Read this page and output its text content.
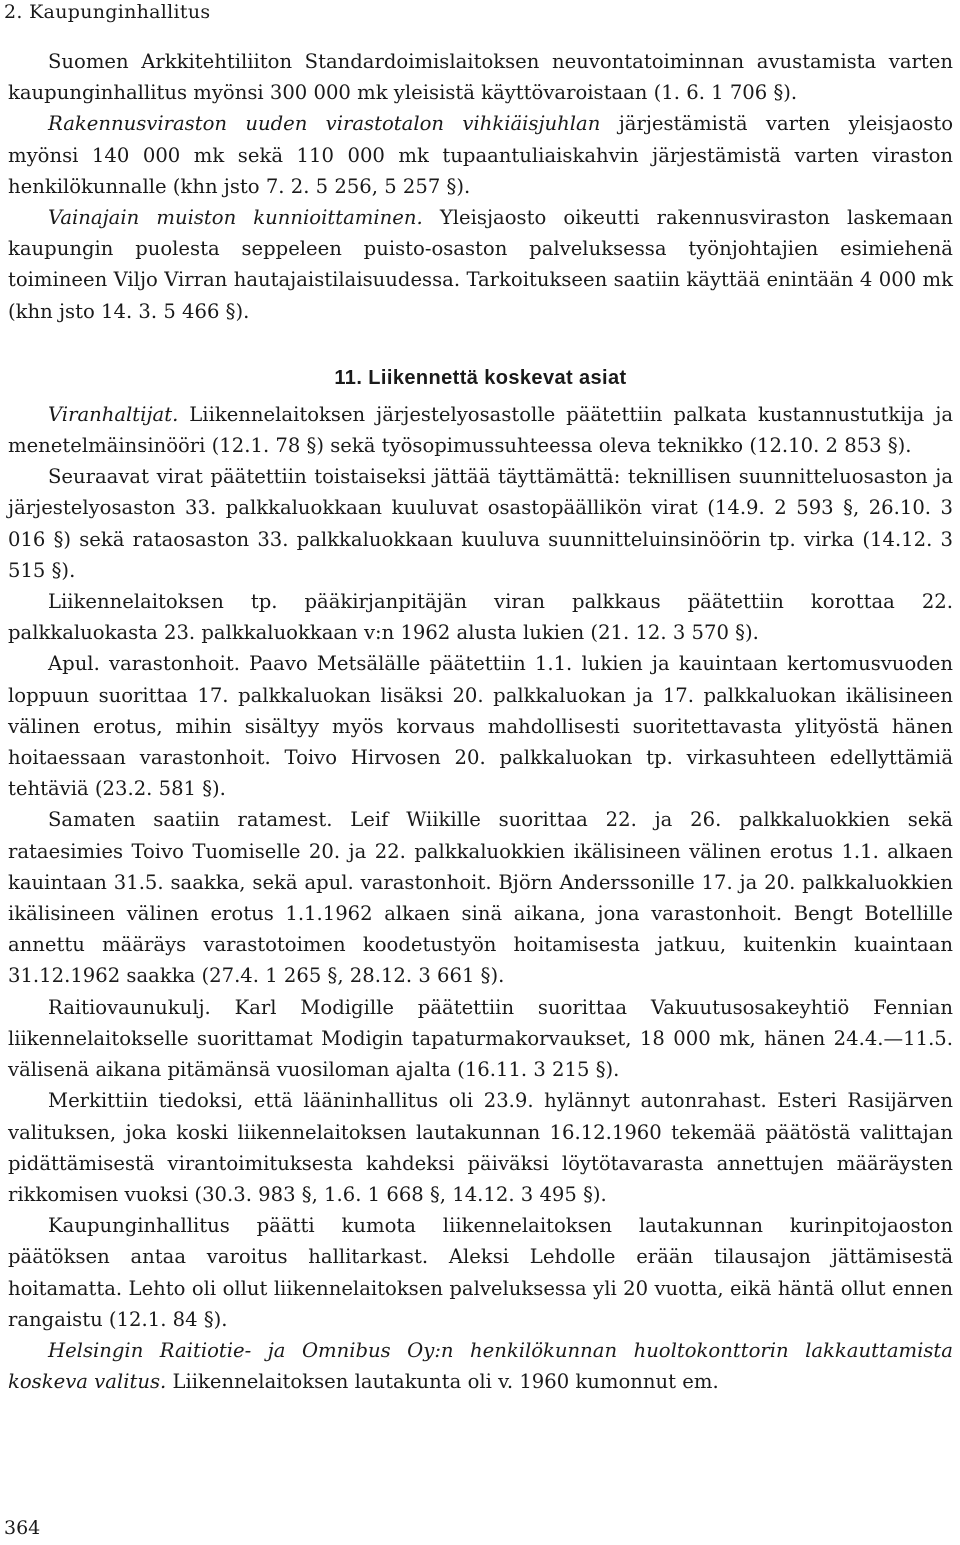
2. Kaupunginhallitus

Suomen Arkkitehtiliiton Standardoimislaitoksen neuvontatoiminnan avustamista varten kaupunginhallitus myönsi 300 000 mk yleisistä käyttövaroistaan (1. 6. 1 706 §).

Rakennusviraston uuden virastotalon vihkiäisjuhlan järjestämistä varten yleisjaosto myönsi 140 000 mk sekä 110 000 mk tupaantuliaiskahvin järjestämistä varten viraston henkilökunnalle (khn jsto 7. 2. 5 256, 5 257 §).

Vainajain muiston kunnioittaminen. Yleisjaosto oikeutti rakennusviraston laskemaan kaupungin puolesta seppeleen puisto-osaston palveluksessa työnjohtajien esimiehenä toimineen Viljo Virran hautajaistilaisuudessa. Tarkoitukseen saatiin käyttää enintään 4 000 mk (khn jsto 14. 3. 5 466 §).

11. Liikennettä koskevat asiat

Viranhaltijat. Liikennelaitoksen järjestelyosastolle päätettiin palkata kustannustutkija ja menetelmäinsinööri (12.1. 78 §) sekä työsopimussuhteessa oleva teknikko (12.10. 2 853 §).

Seuraavat virat päätettiin toistaiseksi jättää täyttämättä: teknillisen suunnitteluosaston ja järjestelyosaston 33. palkkaluokkaan kuuluvat osastopäällikön virat (14.9. 2 593 §, 26.10. 3 016 §) sekä rataosaston 33. palkkaluokkaan kuuluva suunnitteluinsinöörin tp. virka (14.12. 3 515 §).

Liikennelaitoksen tp. pääkirjanpitäjän viran palkkaus päätettiin korottaa 22. palkkaluokasta 23. palkkaluokkaan v:n 1962 alusta lukien (21. 12. 3 570 §).

Apul. varastonhoit. Paavo Metsälälle päätettiin 1.1. lukien ja kauintaan kertomusvuoden loppuun suorittaa 17. palkkaluokan lisäksi 20. palkkaluokan ja 17. palkkaluokan ikälisineen välinen erotus, mihin sisältyy myös korvaus mahdollisesti suoritettavasta ylityöstä hänen hoitaessaan varastonhoit. Toivo Hirvosen 20. palkkaluokan tp. virkasuhteen edellyttämiä tehtäviä (23.2. 581 §).

Samaten saatiin ratamest. Leif Wiikille suorittaa 22. ja 26. palkkaluokkien sekä rataesimies Toivo Tuomiselle 20. ja 22. palkkaluokkien ikälisineen välinen erotus 1.1. alkaen kauintaan 31.5. saakka, sekä apul. varastonhoit. Björn Anderssonille 17. ja 20. palkkaluokkien ikälisineen välinen erotus 1.1.1962 alkaen sinä aikana, jona varastonhoit. Bengt Botellille annettu määräys varastotoimen koodetustyön hoitamisesta jatkuu, kuitenkin kuaintaan 31.12.1962 saakka (27.4. 1 265 §, 28.12. 3 661 §).

Raitiovaunukulj. Karl Modigille päätettiin suorittaa Vakuutusosakeyhtiö Fennian liikennelaitokselle suorittamat Modigin tapaturmakorvaukset, 18 000 mk, hänen 24.4.—11.5. välisenä aikana pitämänsä vuosiloman ajalta (16.11. 3 215 §).

Merkittiin tiedoksi, että lääninhallitus oli 23.9. hylännyt autonrahast. Esteri Rasijärven valituksen, joka koski liikennelaitoksen lautakunnan 16.12.1960 tekemää päätöstä valittajan pidättämisestä virantoimituksesta kahdeksi päiväksi löytötavarasta annettujen määräysten rikkomisen vuoksi (30.3. 983 §, 1.6. 1 668 §, 14.12. 3 495 §).

Kaupunginhallitus päätti kumota liikennelaitoksen lautakunnan kurinpitojaoston päätöksen antaa varoitus hallitarkast. Aleksi Lehdolle erään tilausajon jättämisestä hoitamatta. Lehto oli ollut liikennelaitoksen palveluksessa yli 20 vuotta, eikä häntä ollut ennen rangaistu (12.1. 84 §).

Helsingin Raitiotie- ja Omnibus Oy:n henkilökunnan huoltokonttorin lakkauttamista koskeva valitus. Liikennelaitoksen lautakunta oli v. 1960 kumonnut em.

364
